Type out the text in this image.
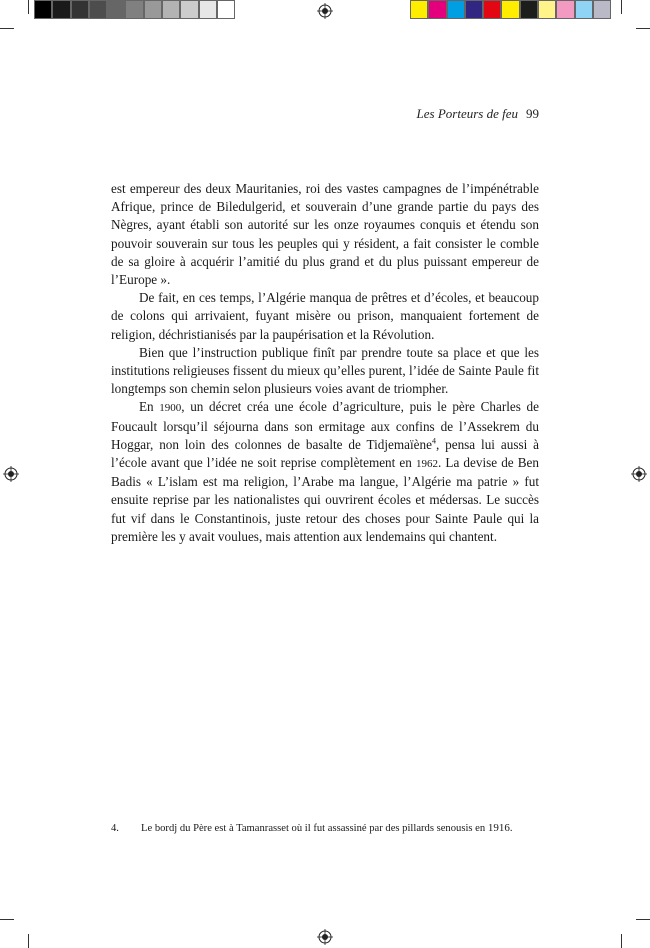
Les Porteurs de feu 99

est empereur des deux Mauritanies, roi des vastes campagnes de l’impénétrable Afrique, prince de Biledulgerid, et souverain d’une grande partie du pays des Nègres, ayant établi son autorité sur les onze royaumes conquis et étendu son pouvoir souverain sur tous les peuples qui y résident, a fait consister le comble de sa gloire à acquérir l’amitié du plus grand et du plus puissant empereur de l’Europe ».

De fait, en ces temps, l’Algérie manqua de prêtres et d’écoles, et beaucoup de colons qui arrivaient, fuyant misère ou prison, manquaient fortement de religion, déchristianisés par la paupérisation et la Révolution.

Bien que l’instruction publique finît par prendre toute sa place et que les institutions religieuses fissent du mieux qu’elles purent, l’idée de Sainte Paule fit longtemps son chemin selon plusieurs voies avant de triompher.

En 1900, un décret créa une école d’agriculture, puis le père Charles de Foucault lorsqu’il séjourna dans son ermitage aux confins de l’Assekrem du Hoggar, non loin des colonnes de basalte de Tidjemaïène$^4$, pensa lui aussi à l’école avant que l’idée ne soit reprise complètement en 1962. La devise de Ben Badis « L’islam est ma religion, l’Arabe ma langue, l’Algérie ma patrie » fut ensuite reprise par les nationalistes qui ouvrirent écoles et médersas. Le succès fut vif dans le Constantinois, juste retour des choses pour Sainte Paule qui la première les y avait voulues, mais attention aux lendemains qui chantent.

4.	Le bordj du Père est à Tamanrasset où il fut assassiné par des pillards senousis en 1916.
